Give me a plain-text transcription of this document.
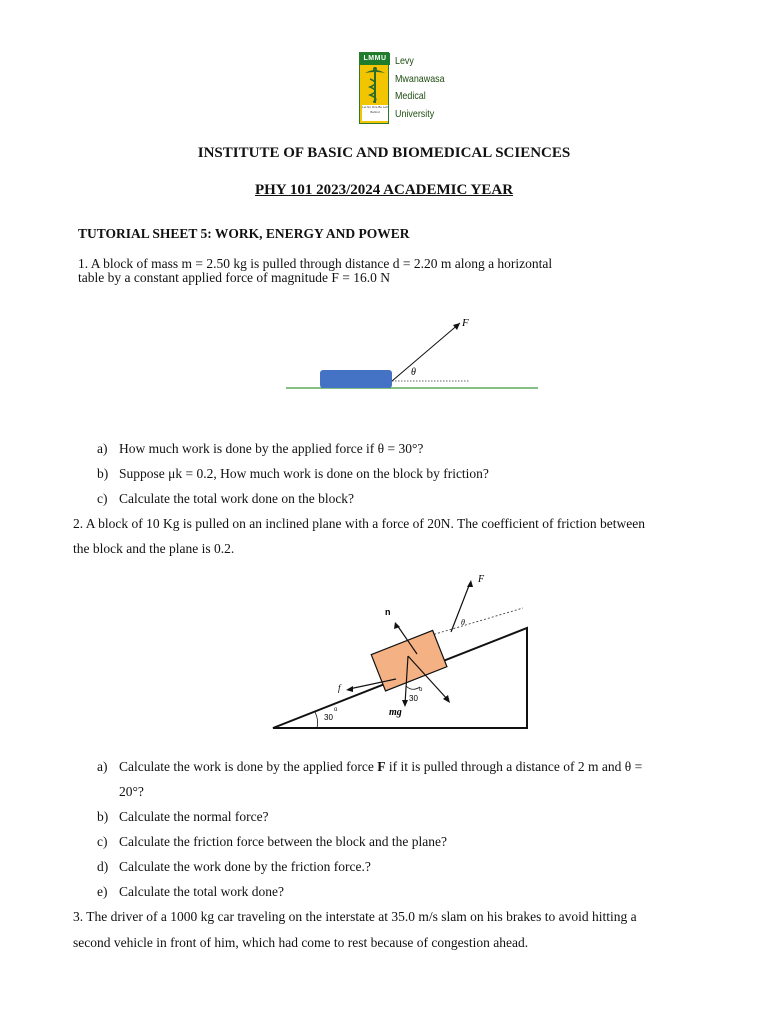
LMMU
Let No One Be Left Behind
Levy
Mwanawasa
Medical
University
INSTITUTE OF BASIC AND BIOMEDICAL SCIENCES
PHY 101 2023/2024 ACADEMIC YEAR
TUTORIAL SHEET 5: WORK, ENERGY AND POWER
1. A block of mass m = 2.50 kg is pulled through distance d = 2.20 m along a horizontal
table by a constant applied force of magnitude F = 16.0 N
F
θ
a) How much work is done by the applied force if θ = 30°?
b) Suppose μk = 0.2, How much work is done on the block by friction?
c) Calculate the total work done on the block?
2. A block of 10 Kg is pulled on an inclined plane with a force of 20N. The coefficient of friction between
the block and the plane is 0.2.
n
F
θ
f
30
o
mg
30
o
a) Calculate the work is done by the applied force F if it is pulled through a distance of 2 m and θ =
20°?
b) Calculate the normal force?
c) Calculate the friction force between the block and the plane?
d) Calculate the work done by the friction force.?
e) Calculate the total work done?
3. The driver of a 1000 kg car traveling on the interstate at 35.0 m/s slam on his brakes to avoid hitting a
second vehicle in front of him, which had come to rest because of congestion ahead.
